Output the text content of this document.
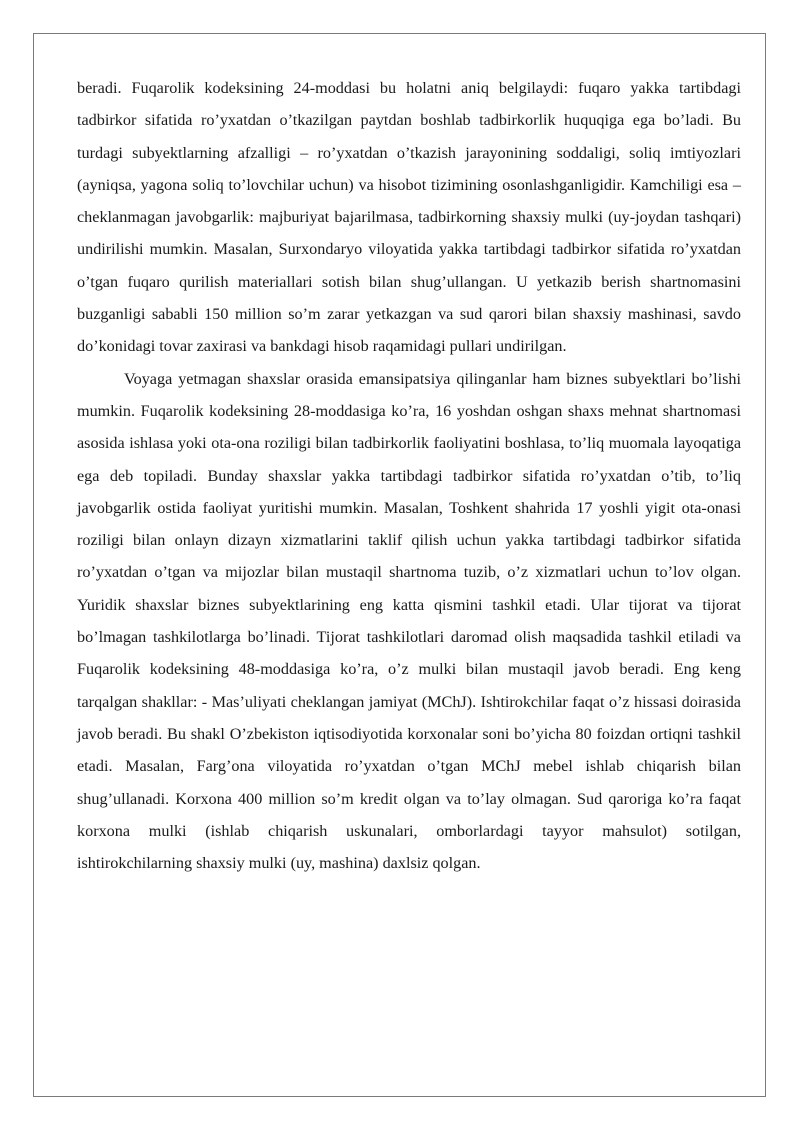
beradi. Fuqarolik kodeksining 24-moddasi bu holatni aniq belgilaydi: fuqaro yakka tartibdagi tadbirkor sifatida ro’yxatdan o’tkazilgan paytdan boshlab tadbirkorlik huquqiga ega bo’ladi. Bu turdagi subyektlarning afzalligi – ro’yxatdan o’tkazish jarayonining soddaligi, soliq imtiyozlari (ayniqsa, yagona soliq to’lovchilar uchun) va hisobot tizimining osonlashganligidir. Kamchiligi esa – cheklanmagan javobgarlik: majburiyat bajarilmasa, tadbirkorning shaxsiy mulki (uy-joydan tashqari) undirilishi mumkin. Masalan, Surxondaryo viloyatida yakka tartibdagi tadbirkor sifatida ro’yxatdan o’tgan fuqaro qurilish materiallari sotish bilan shug’ullangan. U yetkazib berish shartnomasini buzganligi sababli 150 million so’m zarar yetkazgan va sud qarori bilan shaxsiy mashinasi, savdo do’konidagi tovar zaxirasi va bankdagi hisob raqamidagi pullari undirilgan.

Voyaga yetmagan shaxslar orasida emansipatsiya qilinganlar ham biznes subyektlari bo’lishi mumkin. Fuqarolik kodeksining 28-moddasiga ko’ra, 16 yoshdan oshgan shaxs mehnat shartnomasi asosida ishlasa yoki ota-ona roziligi bilan tadbirkorlik faoliyatini boshlasa, to’liq muomala layoqatiga ega deb topiladi. Bunday shaxslar yakka tartibdagi tadbirkor sifatida ro’yxatdan o’tib, to’liq javobgarlik ostida faoliyat yuritishi mumkin. Masalan, Toshkent shahrida 17 yoshli yigit ota-onasi roziligi bilan onlayn dizayn xizmatlarini taklif qilish uchun yakka tartibdagi tadbirkor sifatida ro’yxatdan o’tgan va mijozlar bilan mustaqil shartnoma tuzib, o’z xizmatlari uchun to’lov olgan. Yuridik shaxslar biznes subyektlarining eng katta qismini tashkil etadi. Ular tijorat va tijorat bo’lmagan tashkilotlarga bo’linadi. Tijorat tashkilotlari daromad olish maqsadida tashkil etiladi va Fuqarolik kodeksining 48-moddasiga ko’ra, o’z mulki bilan mustaqil javob beradi. Eng keng tarqalgan shakllar: - Mas’uliyati cheklangan jamiyat (MChJ). Ishtirokchilar faqat o’z hissasi doirasida javob beradi. Bu shakl O’zbekiston iqtisodiyotida korxonalar soni bo’yicha 80 foizdan ortiqni tashkil etadi. Masalan, Farg’ona viloyatida ro’yxatdan o’tgan MChJ mebel ishlab chiqarish bilan shug’ullanadi. Korxona 400 million so’m kredit olgan va to’lay olmagan. Sud qaroriga ko’ra faqat korxona mulki (ishlab chiqarish uskunalari, omborlardagi tayyor mahsulot) sotilgan, ishtirokchilarning shaxsiy mulki (uy, mashina) daxlsiz qolgan.
